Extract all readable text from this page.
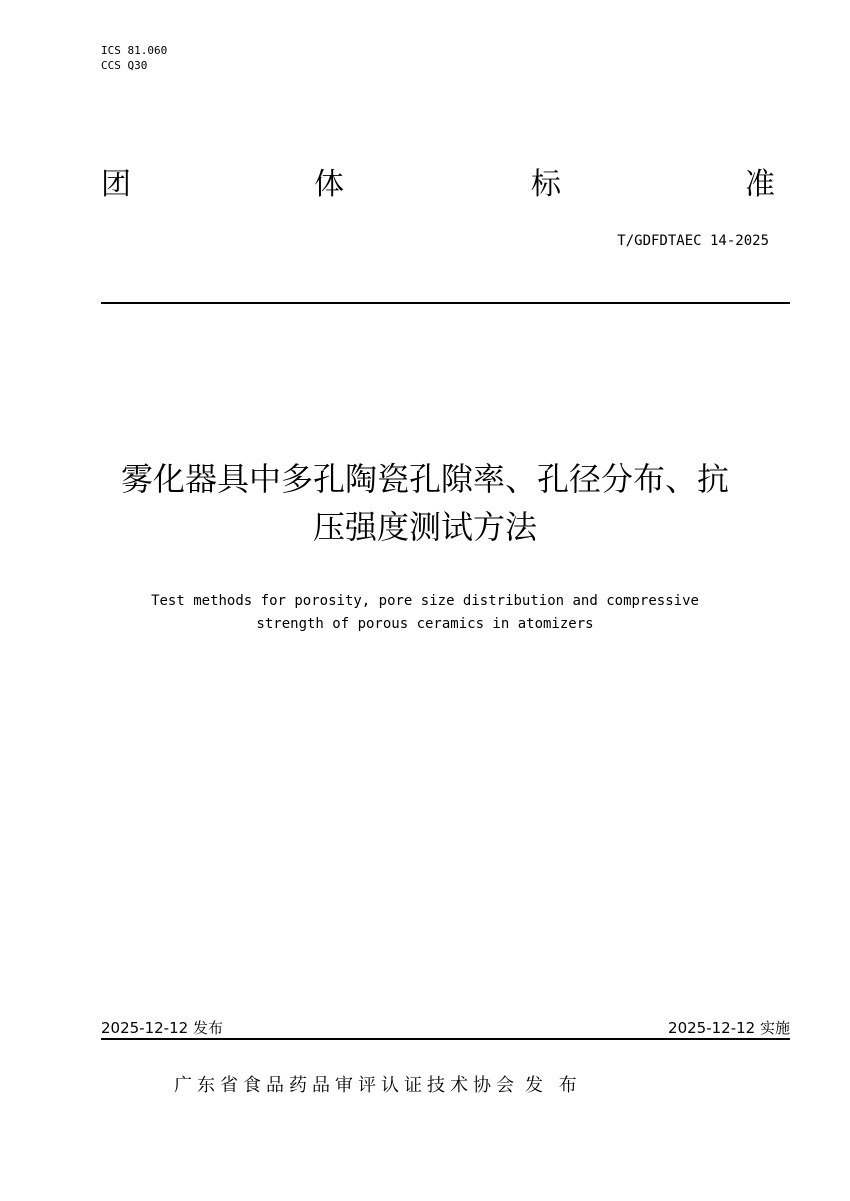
ICS 81.060
CCS Q30
团	体	标	准
T/GDFDTAEC 14-2025
雾化器具中多孔陶瓷孔隙率、孔径分布、抗
压强度测试方法
Test methods for porosity, pore size distribution and compressive
strength of porous ceramics in atomizers
2025-12-12 发布	2025-12-12 实施
广东省食品药品审评认证技术协会 发 布
